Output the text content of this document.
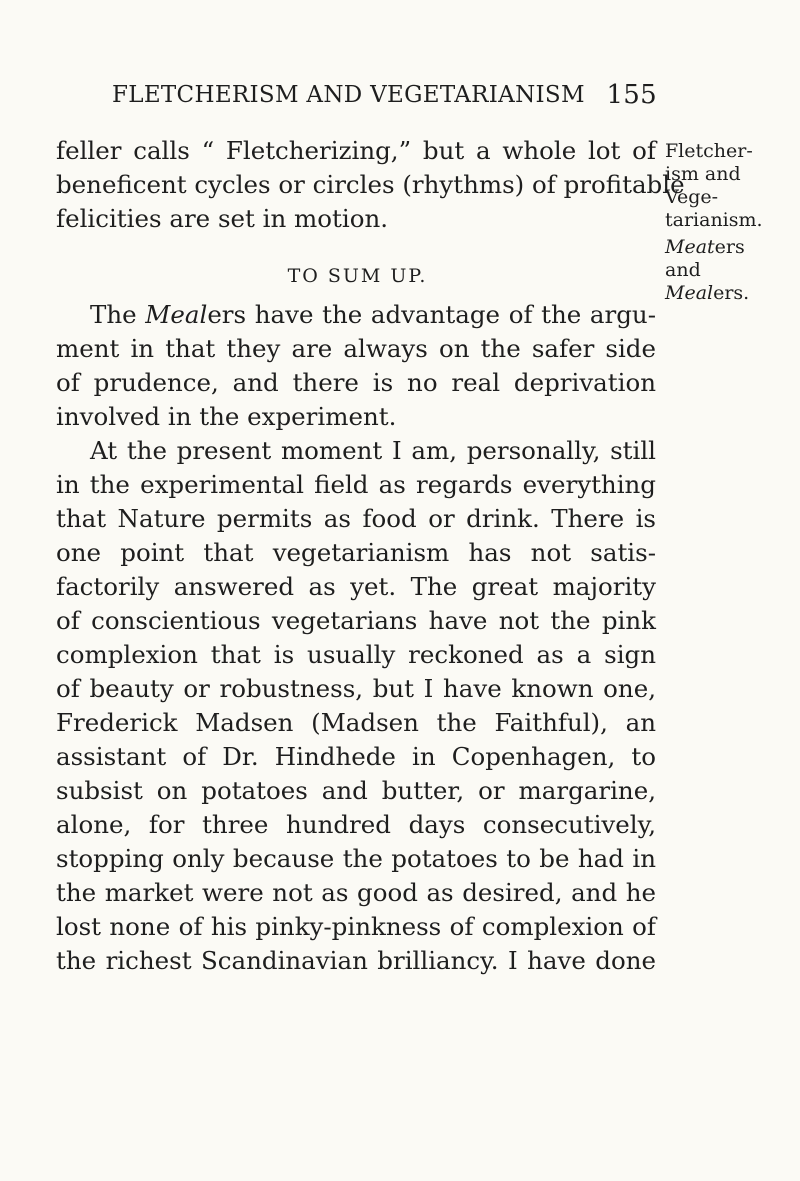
FLETCHERISM AND VEGETARIANISM 155
feller calls “ Fletcherizing,” but a whole lot of
beneficent cycles or circles (rhythms) of profitable
felicities are set in motion.
TO SUM UP.
The Mealers have the advantage of the argu-
ment in that they are always on the safer side
of prudence, and there is no real deprivation
involved in the experiment.
At the present moment I am, personally, still
in the experimental field as regards everything
that Nature permits as food or drink. There is
one point that vegetarianism has not satis-
factorily answered as yet. The great majority
of conscientious vegetarians have not the pink
complexion that is usually reckoned as a sign
of beauty or robustness, but I have known one,
Frederick Madsen (Madsen the Faithful), an
assistant of Dr. Hindhede in Copenhagen, to
subsist on potatoes and butter, or margarine,
alone, for three hundred days consecutively,
stopping only because the potatoes to be had in
the market were not as good as desired, and he
lost none of his pinky-pinkness of complexion of
the richest Scandinavian brilliancy. I have done
Fletcher-
ism and
Vege-
tarianism.
Meaters
and
Mealers.
